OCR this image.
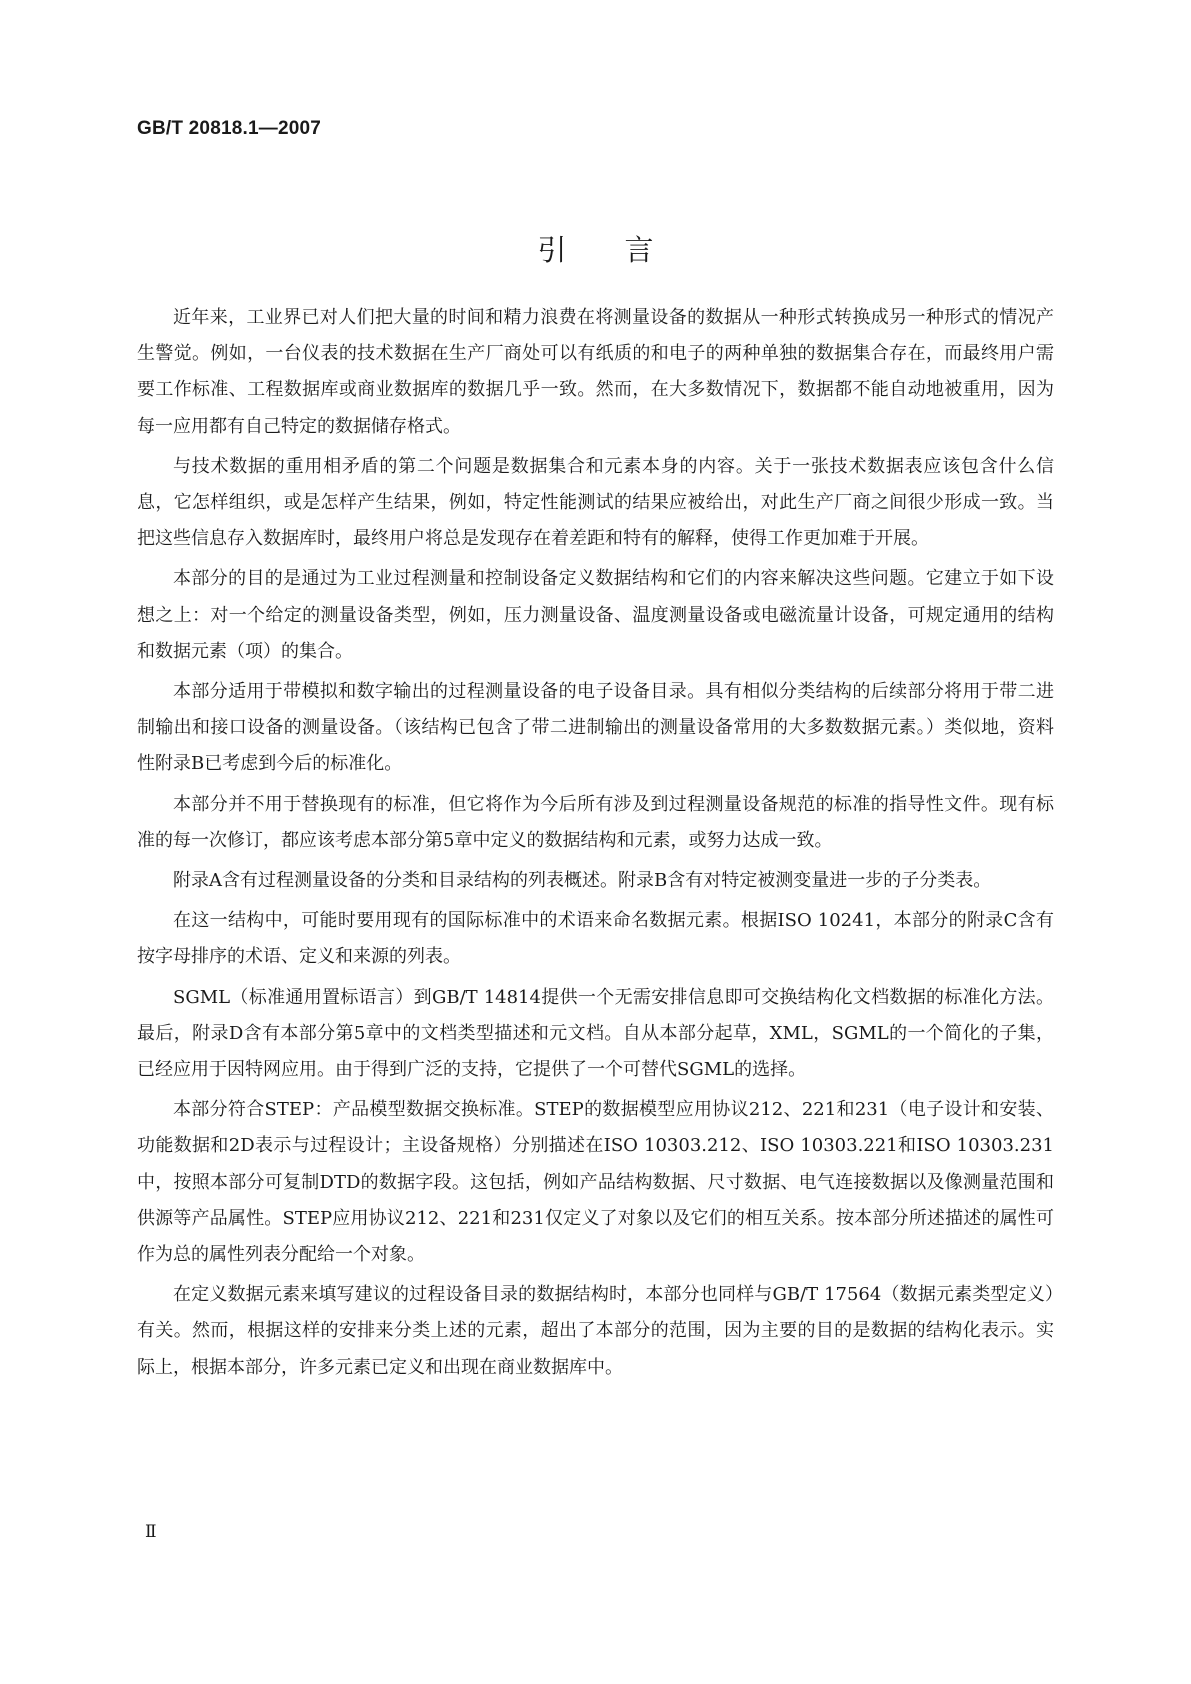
GB/T 20818.1—2007
引言

近年来，工业界已对人们把大量的时间和精力浪费在将测量设备的数据从一种形式转换成另一种形式的情况产生警觉。例如，一台仪表的技术数据在生产厂商处可以有纸质的和电子的两种单独的数据集合存在，而最终用户需要工作标准、工程数据库或商业数据库的数据几乎一致。然而，在大多数情况下，数据都不能自动地被重用，因为每一应用都有自己特定的数据储存格式。

与技术数据的重用相矛盾的第二个问题是数据集合和元素本身的内容。关于一张技术数据表应该包含什么信息，它怎样组织，或是怎样产生结果，例如，特定性能测试的结果应被给出，对此生产厂商之间很少形成一致。当把这些信息存入数据库时，最终用户将总是发现存在着差距和特有的解释，使得工作更加难于开展。

本部分的目的是通过为工业过程测量和控制设备定义数据结构和它们的内容来解决这些问题。它建立于如下设想之上：对一个给定的测量设备类型，例如，压力测量设备、温度测量设备或电磁流量计设备，可规定通用的结构和数据元素（项）的集合。

本部分适用于带模拟和数字输出的过程测量设备的电子设备目录。具有相似分类结构的后续部分将用于带二进制输出和接口设备的测量设备。（该结构已包含了带二进制输出的测量设备常用的大多数数据元素。）类似地，资料性附录B已考虑到今后的标准化。

本部分并不用于替换现有的标准，但它将作为今后所有涉及到过程测量设备规范的标准的指导性文件。现有标准的每一次修订，都应该考虑本部分第5章中定义的数据结构和元素，或努力达成一致。

附录A含有过程测量设备的分类和目录结构的列表概述。附录B含有对特定被测变量进一步的子分类表。

在这一结构中，可能时要用现有的国际标准中的术语来命名数据元素。根据ISO 10241，本部分的附录C含有按字母排序的术语、定义和来源的列表。

SGML（标准通用置标语言）到GB/T 14814提供一个无需安排信息即可交换结构化文档数据的标准化方法。最后，附录D含有本部分第5章中的文档类型描述和元文档。自从本部分起草，XML，SGML的一个简化的子集，已经应用于因特网应用。由于得到广泛的支持，它提供了一个可替代SGML的选择。

本部分符合STEP：产品模型数据交换标准。STEP的数据模型应用协议212、221和231（电子设计和安装、功能数据和2D表示与过程设计；主设备规格）分别描述在ISO 10303.212、ISO 10303.221和ISO 10303.231中，按照本部分可复制DTD的数据字段。这包括，例如产品结构数据、尺寸数据、电气连接数据以及像测量范围和供源等产品属性。STEP应用协议212、221和231仅定义了对象以及它们的相互关系。按本部分所述描述的属性可作为总的属性列表分配给一个对象。

在定义数据元素来填写建议的过程设备目录的数据结构时，本部分也同样与GB/T 17564（数据元素类型定义）有关。然而，根据这样的安排来分类上述的元素，超出了本部分的范围，因为主要的目的是数据的结构化表示。实际上，根据本部分，许多元素已定义和出现在商业数据库中。

Ⅱ
